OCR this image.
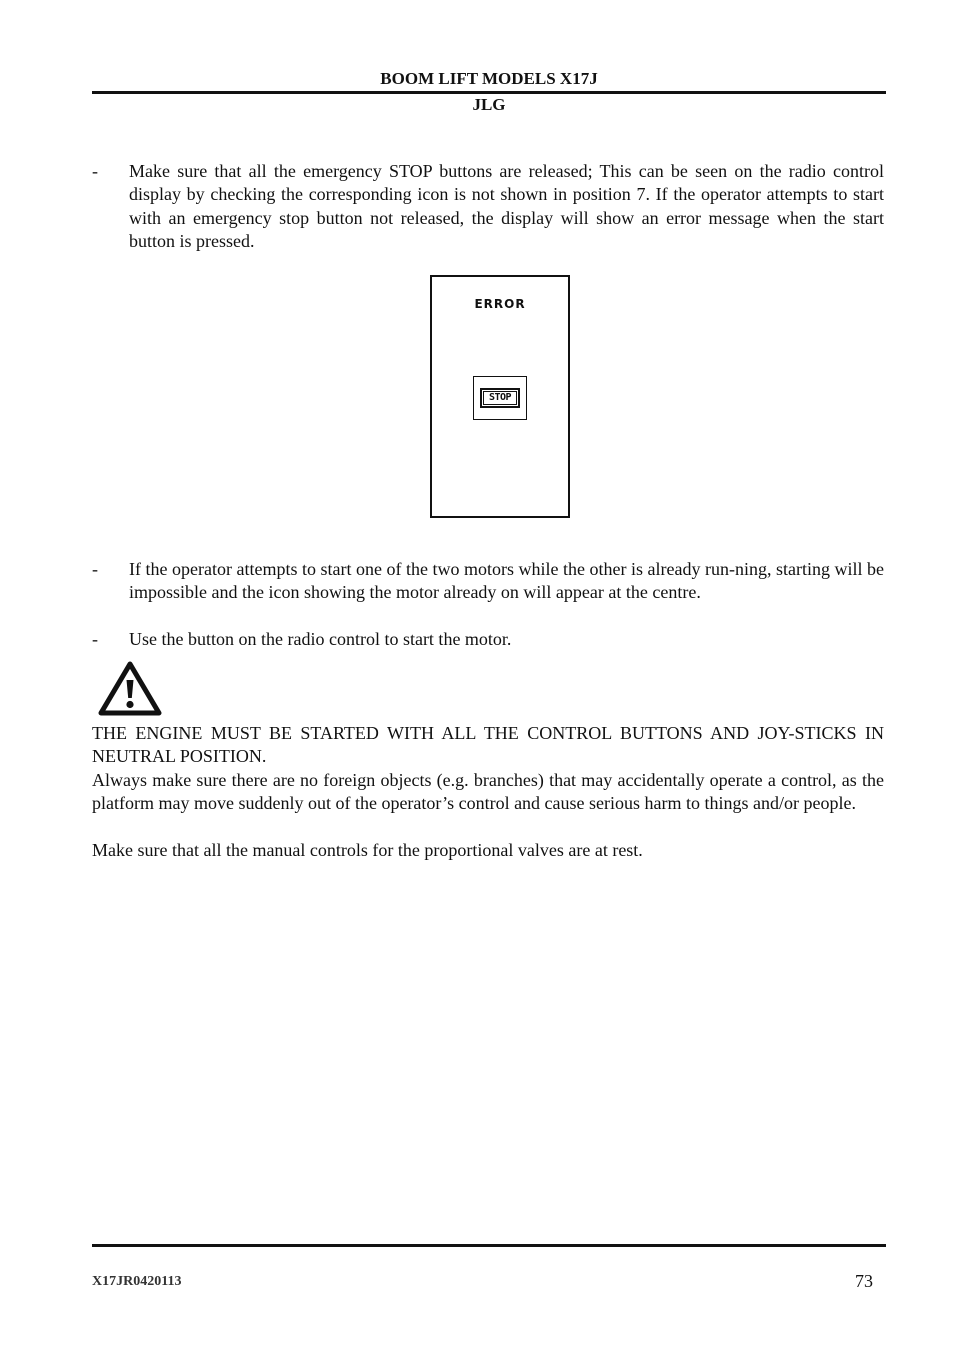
BOOM LIFT MODELS X17J
JLG
- Make sure that all the emergency STOP buttons are released; This can be seen on the radio control display by checking the corresponding icon is not shown in position 7. If the operator attempts to start with an emergency stop button not released, the display will show an error message when the start button is pressed.
ERROR
STOP
- If the operator attempts to start one of the two motors while the other is already run-ning, starting will be impossible and the icon showing the motor already on will appear at the centre.
- Use the button on the radio control to start the motor.
THE ENGINE MUST BE STARTED WITH ALL THE CONTROL BUTTONS AND JOY-STICKS IN NEUTRAL POSITION.
Always make sure there are no foreign objects (e.g. branches) that may accidentally operate a control, as the platform may move suddenly out of the operator’s control and cause serious harm to things and/or people.
Make sure that all the manual controls for the proportional valves are at rest.
X17JR0420113	73
